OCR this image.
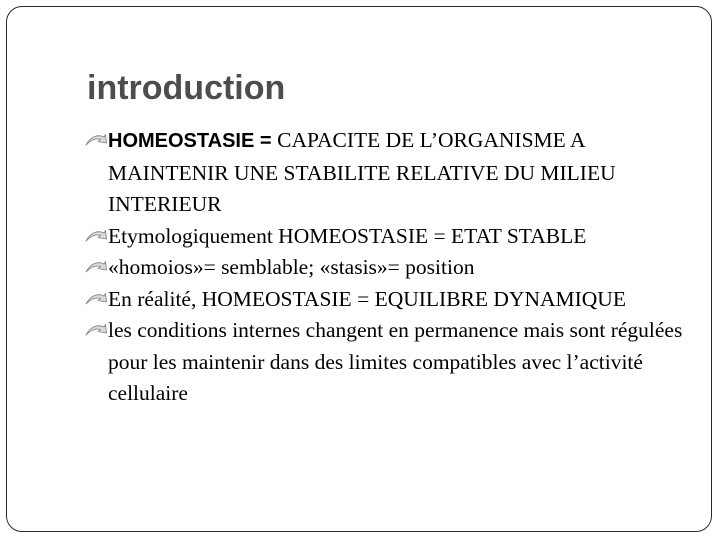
introduction
HOMEOSTASIE = CAPACITE DE L’ORGANISME A MAINTENIR UNE STABILITE RELATIVE DU MILIEU INTERIEUR
Etymologiquement HOMEOSTASIE = ETAT STABLE
«homoios»= semblable; «stasis»= position
En réalité, HOMEOSTASIE = EQUILIBRE DYNAMIQUE
les conditions internes changent en permanence mais sont régulées pour les maintenir dans des limites compatibles avec l’activité cellulaire
